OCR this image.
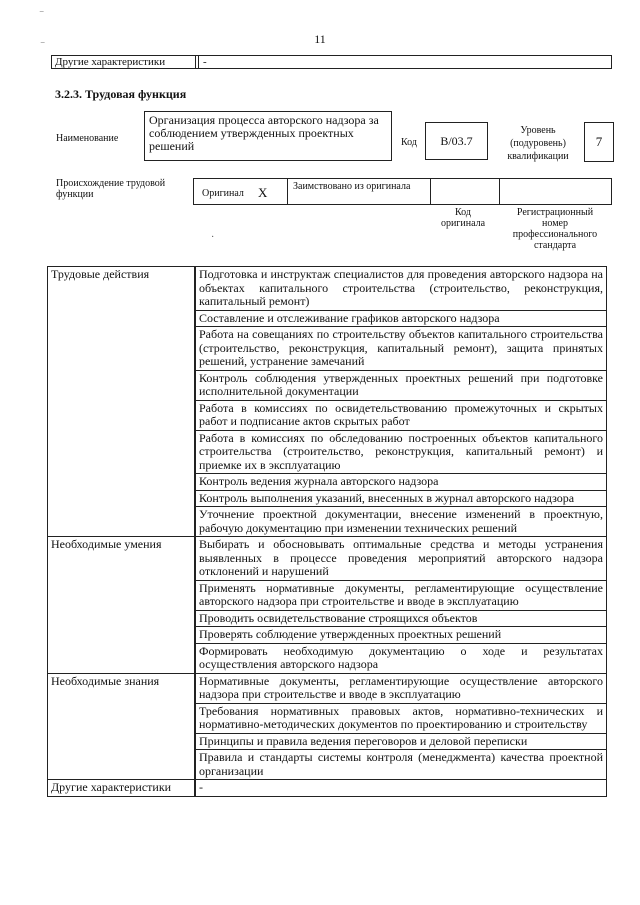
‾
‾
11
Другие характеристики	-
3.2.3. Трудовая функция
Наименование
Организация процесса авторского надзора за соблюдением утвержденных проектных решений	Код	В/03.7
Уровень (подуровень) квалификации
7
Происхождение трудовой функции	Оригинал X	Заимствовано из оригинала
Код оригинала
Регистрационный номер профессионального стандарта
·
Трудовые действия	Подготовка и инструктаж специалистов для проведения авторского надзора на объектах капитального строительства (строительство, реконструкция, капитальный ремонт)
	Составление и отслеживание графиков авторского надзора
	Работа на совещаниях по строительству объектов капитального строительства (строительство, реконструкция, капитальный ремонт), защита принятых решений, устранение замечаний
	Контроль соблюдения утвержденных проектных решений при подготовке исполнительной документации
	Работа в комиссиях по освидетельствованию промежуточных и скрытых работ и подписание актов скрытых работ
	Работа в комиссиях по обследованию построенных объектов капитального строительства (строительство, реконструкция, капитальный ремонт) и приемке их в эксплуатацию
	Контроль ведения журнала авторского надзора
	Контроль выполнения указаний, внесенных в журнал авторского надзора
	Уточнение проектной документации, внесение изменений в проектную, рабочую документацию при изменении технических решений
Необходимые умения	Выбирать и обосновывать оптимальные средства и методы устранения выявленных в процессе проведения мероприятий авторского надзора отклонений и нарушений
	Применять нормативные документы, регламентирующие осуществление авторского надзора при строительстве и вводе в эксплуатацию
	Проводить освидетельствование строящихся объектов
	Проверять соблюдение утвержденных проектных решений
	Формировать необходимую документацию о ходе и результатах осуществления авторского надзора
Необходимые знания	Нормативные документы, регламентирующие осуществление авторского надзора при строительстве и вводе в эксплуатацию
	Требования нормативных правовых актов, нормативно-технических и нормативно-методических документов по проектированию и строительству
	Принципы и правила ведения переговоров и деловой переписки
	Правила и стандарты системы контроля (менеджмента) качества проектной организации
Другие характеристики	-
